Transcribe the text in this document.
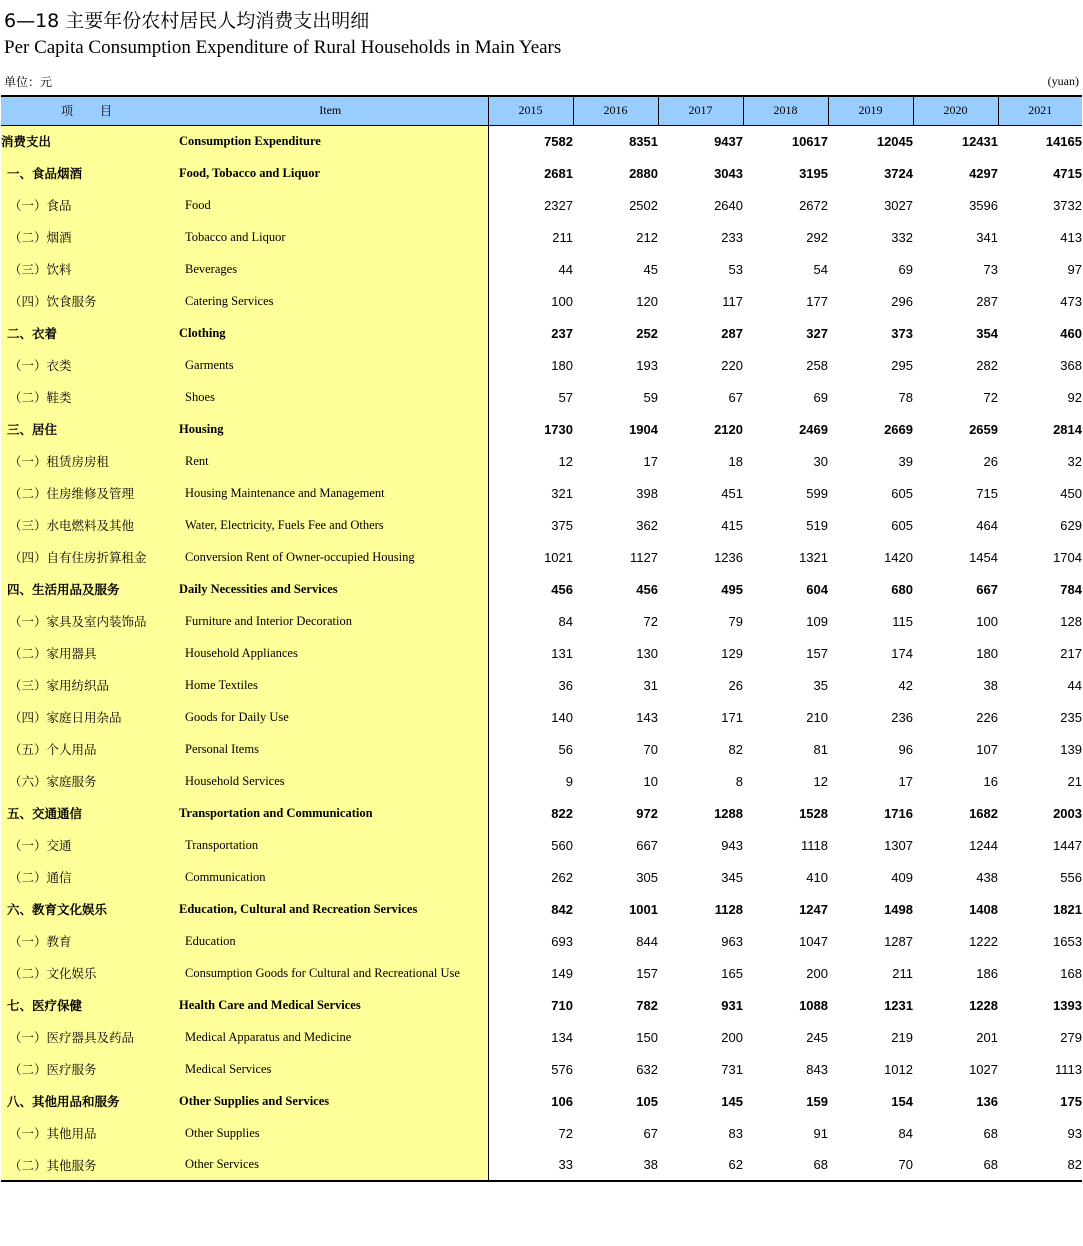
6—18 主要年份农村居民人均消费支出明细
Per Capita Consumption Expenditure of Rural Households in Main Years
单位：元	(yuan)
项　　目	Item	2015	2016	2017	2018	2019	2020	2021
消费支出	Consumption Expenditure	7582	8351	9437	10617	12045	12431	14165
一、食品烟酒	Food, Tobacco and Liquor	2681	2880	3043	3195	3724	4297	4715
（一）食品	Food	2327	2502	2640	2672	3027	3596	3732
（二）烟酒	Tobacco and Liquor	211	212	233	292	332	341	413
（三）饮料	Beverages	44	45	53	54	69	73	97
（四）饮食服务	Catering Services	100	120	117	177	296	287	473
二、衣着	Clothing	237	252	287	327	373	354	460
（一）衣类	Garments	180	193	220	258	295	282	368
（二）鞋类	Shoes	57	59	67	69	78	72	92
三、居住	Housing	1730	1904	2120	2469	2669	2659	2814
（一）租赁房房租	Rent	12	17	18	30	39	26	32
（二）住房维修及管理	Housing Maintenance and Management	321	398	451	599	605	715	450
（三）水电燃料及其他	Water, Electricity, Fuels Fee and Others	375	362	415	519	605	464	629
（四）自有住房折算租金	Conversion Rent of Owner-occupied Housing	1021	1127	1236	1321	1420	1454	1704
四、生活用品及服务	Daily Necessities and Services	456	456	495	604	680	667	784
（一）家具及室内装饰品	Furniture and Interior Decoration	84	72	79	109	115	100	128
（二）家用器具	Household Appliances	131	130	129	157	174	180	217
（三）家用纺织品	Home Textiles	36	31	26	35	42	38	44
（四）家庭日用杂品	Goods for Daily Use	140	143	171	210	236	226	235
（五）个人用品	Personal Items	56	70	82	81	96	107	139
（六）家庭服务	Household Services	9	10	8	12	17	16	21
五、交通通信	Transportation and Communication	822	972	1288	1528	1716	1682	2003
（一）交通	Transportation	560	667	943	1118	1307	1244	1447
（二）通信	Communication	262	305	345	410	409	438	556
六、教育文化娱乐	Education, Cultural and Recreation Services	842	1001	1128	1247	1498	1408	1821
（一）教育	Education	693	844	963	1047	1287	1222	1653
（二）文化娱乐	Consumption Goods for Cultural and Recreational Use	149	157	165	200	211	186	168
七、医疗保健	Health Care and Medical Services	710	782	931	1088	1231	1228	1393
（一）医疗器具及药品	Medical Apparatus and Medicine	134	150	200	245	219	201	279
（二）医疗服务	Medical Services	576	632	731	843	1012	1027	1113
八、其他用品和服务	Other Supplies and Services	106	105	145	159	154	136	175
（一）其他用品	Other Supplies	72	67	83	91	84	68	93
（二）其他服务	Other Services	33	38	62	68	70	68	82
